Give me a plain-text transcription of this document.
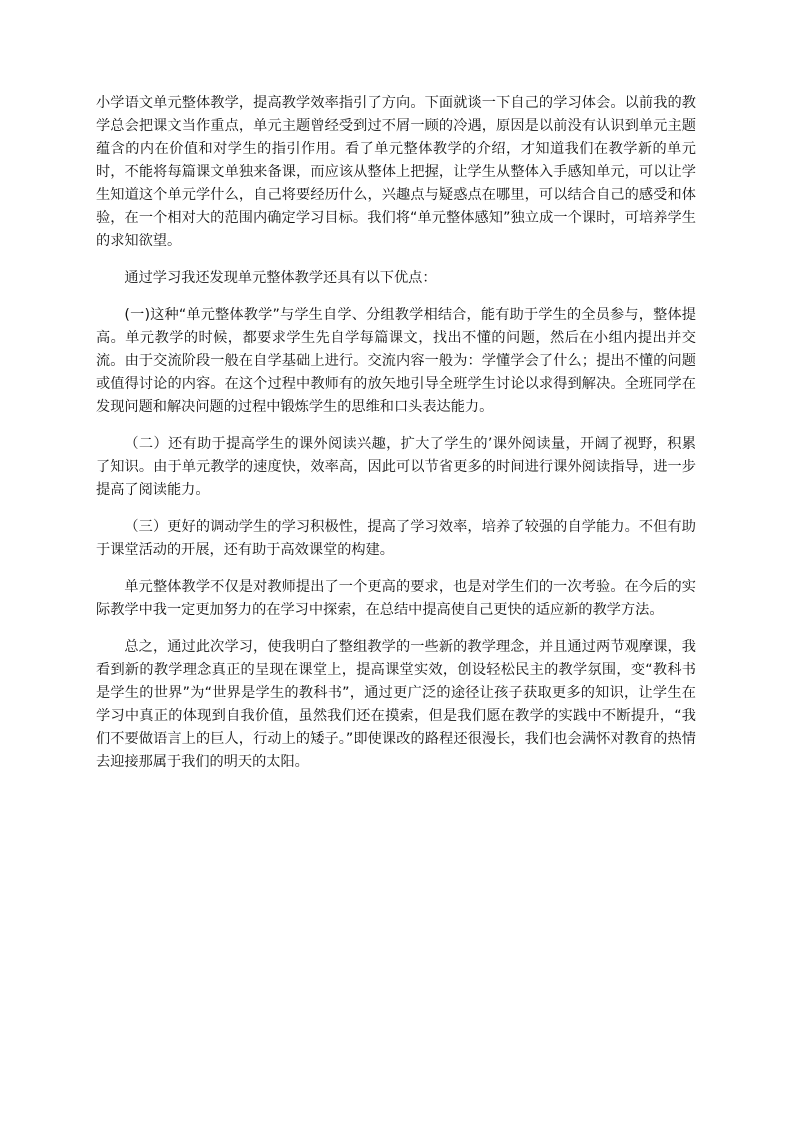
小学语文单元整体教学，提高教学效率指引了方向。下面就谈一下自己的学习体会。以前我的教学总会把课文当作重点，单元主题曾经受到过不屑一顾的冷遇，原因是以前没有认识到单元主题蕴含的内在价值和对学生的指引作用。看了单元整体教学的介绍，才知道我们在教学新的单元时，不能将每篇课文单独来备课，而应该从整体上把握，让学生从整体入手感知单元，可以让学生知道这个单元学什么，自己将要经历什么，兴趣点与疑惑点在哪里，可以结合自己的感受和体验，在一个相对大的范围内确定学习目标。我们将“单元整体感知”独立成一个课时，可培养学生的求知欲望。

通过学习我还发现单元整体教学还具有以下优点：

(一)这种“单元整体教学”与学生自学、分组教学相结合，能有助于学生的全员参与，整体提高。单元教学的时候，都要求学生先自学每篇课文，找出不懂的问题，然后在小组内提出并交流。由于交流阶段一般在自学基础上进行。交流内容一般为：学懂学会了什么；提出不懂的问题或值得讨论的内容。在这个过程中教师有的放矢地引导全班学生讨论以求得到解决。全班同学在发现问题和解决问题的过程中锻炼学生的思维和口头表达能力。

（二）还有助于提高学生的课外阅读兴趣，扩大了学生的’课外阅读量，开阔了视野，积累了知识。由于单元教学的速度快，效率高，因此可以节省更多的时间进行课外阅读指导，进一步提高了阅读能力。

（三）更好的调动学生的学习积极性，提高了学习效率，培养了较强的自学能力。不但有助于课堂活动的开展，还有助于高效课堂的构建。

单元整体教学不仅是对教师提出了一个更高的要求，也是对学生们的一次考验。在今后的实际教学中我一定更加努力的在学习中探索，在总结中提高使自己更快的适应新的教学方法。

总之，通过此次学习，使我明白了整组教学的一些新的教学理念，并且通过两节观摩课，我看到新的教学理念真正的呈现在课堂上，提高课堂实效，创设轻松民主的教学氛围，变“教科书是学生的世界”为“世界是学生的教科书”，通过更广泛的途径让孩子获取更多的知识，让学生在学习中真正的体现到自我价值，虽然我们还在摸索，但是我们愿在教学的实践中不断提升，“我们不要做语言上的巨人，行动上的矮子。”即使课改的路程还很漫长，我们也会满怀对教育的热情去迎接那属于我们的明天的太阳。
